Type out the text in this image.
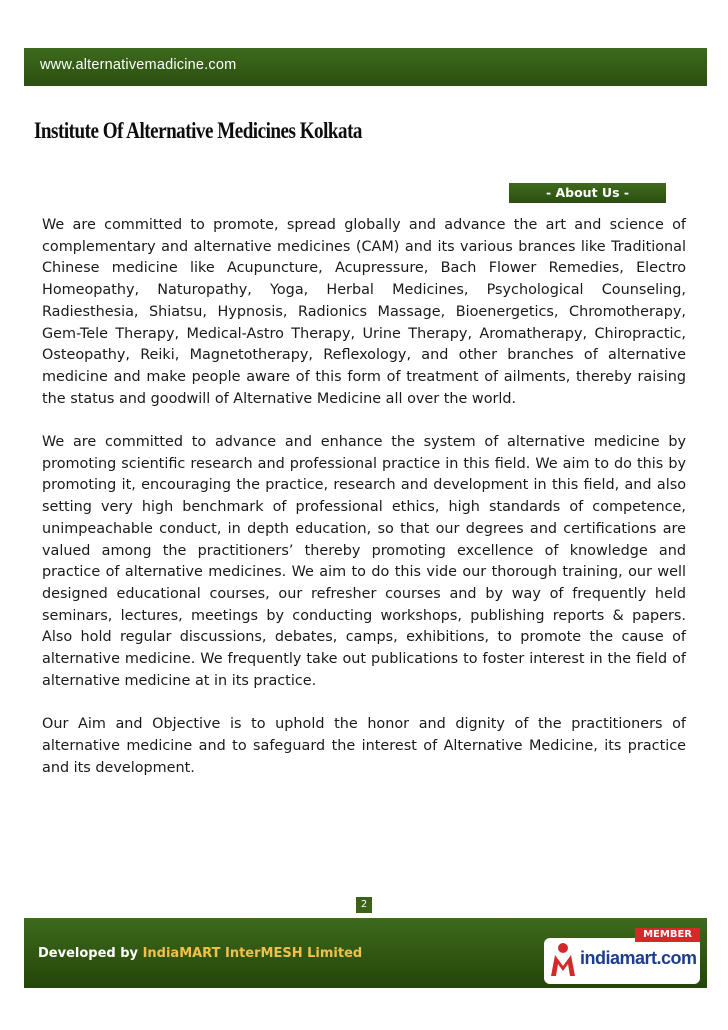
www.alternativemadicine.com
Institute Of Alternative Medicines Kolkata
- About Us -

We are committed to promote, spread globally and advance the art and science of complementary and alternative medicines (CAM) and its various brances like Traditional Chinese medicine like Acupuncture, Acupressure, Bach Flower Remedies, Electro Homeopathy, Naturopathy, Yoga, Herbal Medicines, Psychological Counseling, Radiesthesia, Shiatsu, Hypnosis, Radionics Massage, Bioenergetics, Chromotherapy, Gem-Tele Therapy, Medical-Astro Therapy, Urine Therapy, Aromatherapy, Chiropractic, Osteopathy, Reiki, Magnetotherapy, Reflexology, and other branches of alternative medicine and make people aware of this form of treatment of ailments, thereby raising the status and goodwill of Alternative Medicine all over the world.

We are committed to advance and enhance the system of alternative medicine by promoting scientific research and professional practice in this field. We aim to do this by promoting it, encouraging the practice, research and development in this field, and also setting very high benchmark of professional ethics, high standards of competence, unimpeachable conduct, in depth education, so that our degrees and certifications are valued among the practitioners’ thereby promoting excellence of knowledge and practice of alternative medicines. We aim to do this vide our thorough training, our well designed educational courses, our refresher courses and by way of frequently held seminars, lectures, meetings by conducting workshops, publishing reports & papers. Also hold regular discussions, debates, camps, exhibitions, to promote the cause of alternative medicine. We frequently take out publications to foster interest in the field of alternative medicine at in its practice.

Our Aim and Objective is to uphold the honor and dignity of the practitioners of alternative medicine and to safeguard the interest of Alternative Medicine, its practice and its development.

2
Developed by IndiaMART InterMESH Limited	indiamart.com
MEMBER
